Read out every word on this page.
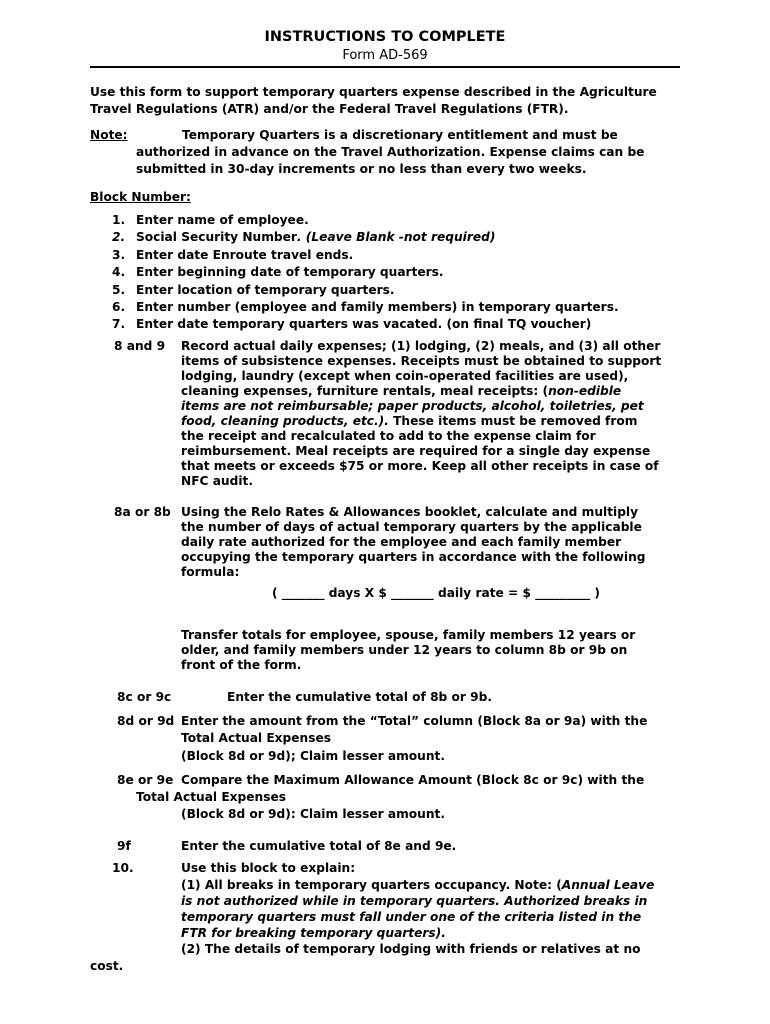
INSTRUCTIONS TO COMPLETE
Form AD-569
Use this form to support temporary quarters expense described in the Agriculture
Travel Regulations (ATR) and/or the Federal Travel Regulations (FTR).
Note:	Temporary Quarters is a discretionary entitlement and must be
authorized in advance on the Travel Authorization. Expense claims can be
submitted in 30-day increments or no less than every two weeks.
Block Number:
1. Enter name of employee.
2. Social Security Number. (Leave Blank -not required)
3. Enter date Enroute travel ends.
4. Enter beginning date of temporary quarters.
5. Enter location of temporary quarters.
6. Enter number (employee and family members) in temporary quarters.
7. Enter date temporary quarters was vacated. (on final TQ voucher)
8 and 9 Record actual daily expenses; (1) lodging, (2) meals, and (3) all other
items of subsistence expenses. Receipts must be obtained to support
lodging, laundry (except when coin-operated facilities are used),
cleaning expenses, furniture rentals, meal receipts: (non-edible
items are not reimbursable; paper products, alcohol, toiletries, pet
food, cleaning products, etc.). These items must be removed from
the receipt and recalculated to add to the expense claim for
reimbursement. Meal receipts are required for a single day expense
that meets or exceeds $75 or more. Keep all other receipts in case of
NFC audit.
8a or 8b Using the Relo Rates & Allowances booklet, calculate and multiply
the number of days of actual temporary quarters by the applicable
daily rate authorized for the employee and each family member
occupying the temporary quarters in accordance with the following
formula:
( _______ days X $ _______ daily rate = $ _________ )
Transfer totals for employee, spouse, family members 12 years or
older, and family members under 12 years to column 8b or 9b on
front of the form.
8c or 9c	Enter the cumulative total of 8b or 9b.
8d or 9d Enter the amount from the “Total” column (Block 8a or 9a) with the
Total Actual Expenses
(Block 8d or 9d); Claim lesser amount.
8e or 9e Compare the Maximum Allowance Amount (Block 8c or 9c) with the
Total Actual Expenses
(Block 8d or 9d): Claim lesser amount.
9f	Enter the cumulative total of 8e and 9e.
10.	Use this block to explain:
(1) All breaks in temporary quarters occupancy. Note: (Annual Leave
is not authorized while in temporary quarters. Authorized breaks in
temporary quarters must fall under one of the criteria listed in the
FTR for breaking temporary quarters).
(2) The details of temporary lodging with friends or relatives at no
cost.
